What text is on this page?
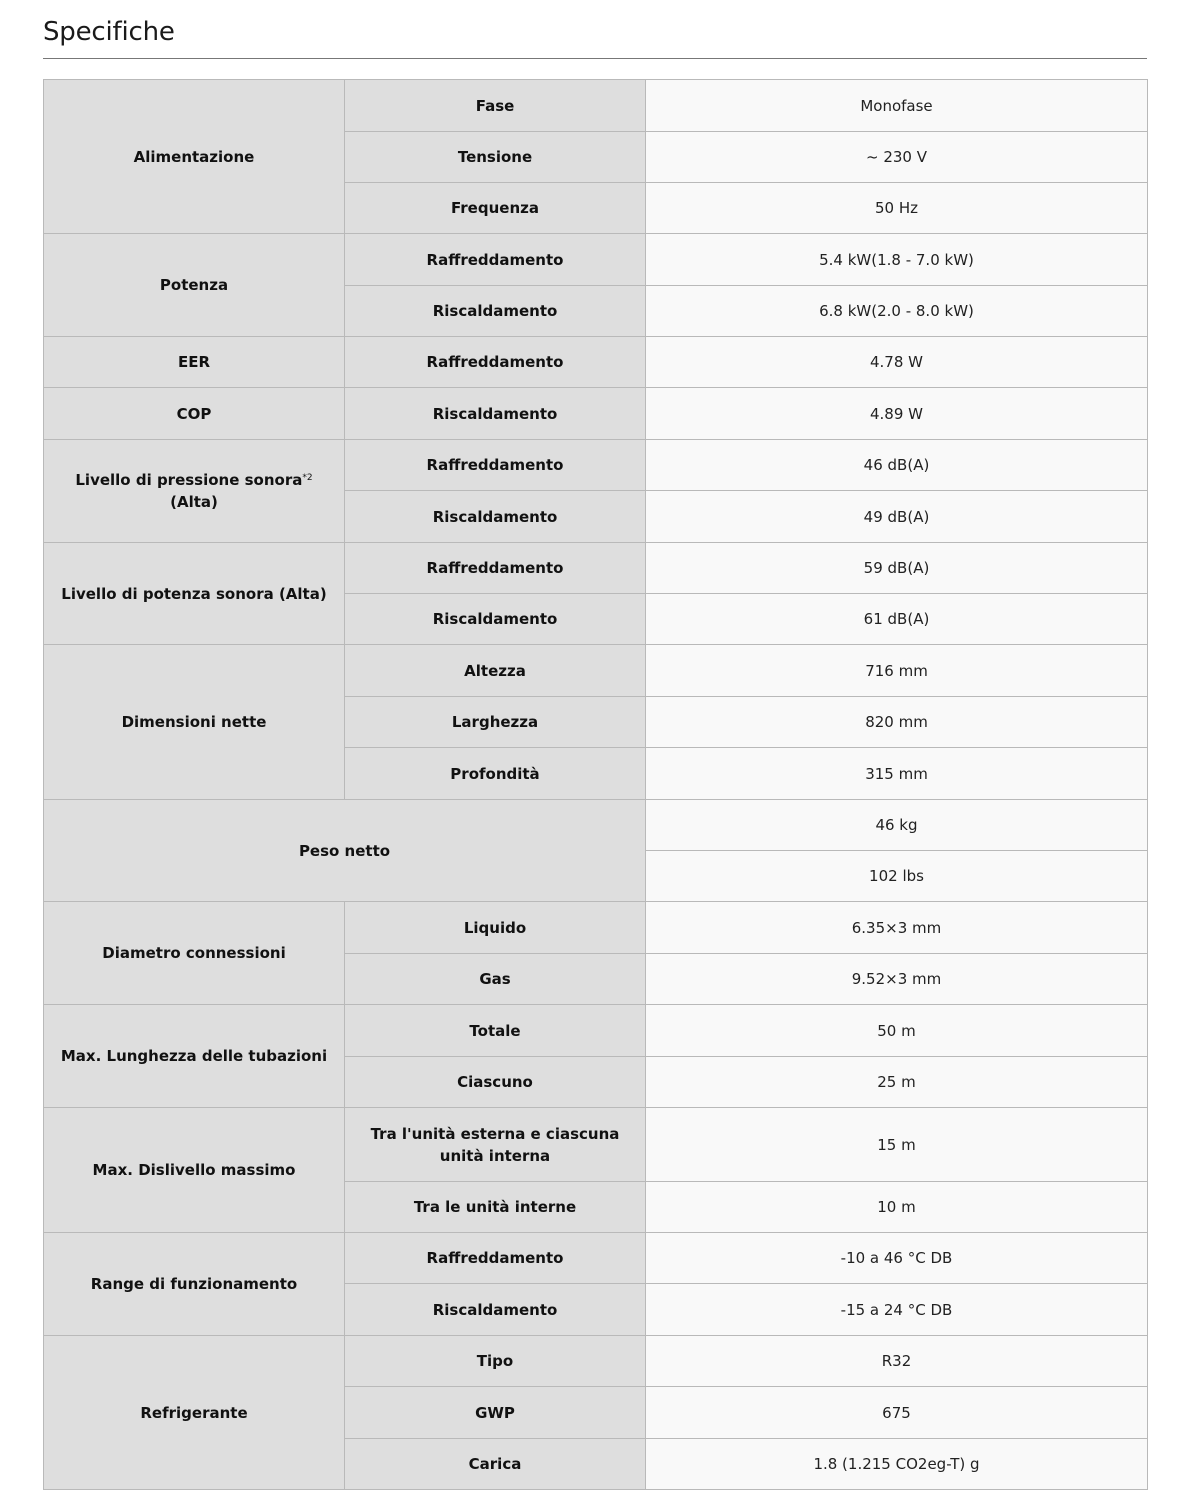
Specifiche
Alimentazione	Fase	Monofase
	Tensione	~ 230 V
	Frequenza	50 Hz
Potenza	Raffreddamento	5.4 kW(1.8 - 7.0 kW)
	Riscaldamento	6.8 kW(2.0 - 8.0 kW)
EER	Raffreddamento	4.78 W
COP	Riscaldamento	4.89 W
Livello di pressione sonora$^{*2}$ (Alta)	Raffreddamento	46 dB(A)
	Riscaldamento	49 dB(A)
Livello di potenza sonora (Alta)	Raffreddamento	59 dB(A)
	Riscaldamento	61 dB(A)
Dimensioni nette	Altezza	716 mm
	Larghezza	820 mm
	Profondità	315 mm
Peso netto		46 kg
		102 lbs
Diametro connessioni	Liquido	6.35×3 mm
	Gas	9.52×3 mm
Max. Lunghezza delle tubazioni	Totale	50 m
	Ciascuno	25 m
Max. Dislivello massimo	Tra l'unità esterna e ciascuna unità interna	15 m
	Tra le unità interne	10 m
Range di funzionamento	Raffreddamento	-10 a 46 °C DB
	Riscaldamento	-15 a 24 °C DB
Refrigerante	Tipo	R32
	GWP	675
	Carica	1.8 (1.215 CO2eg-T) g
